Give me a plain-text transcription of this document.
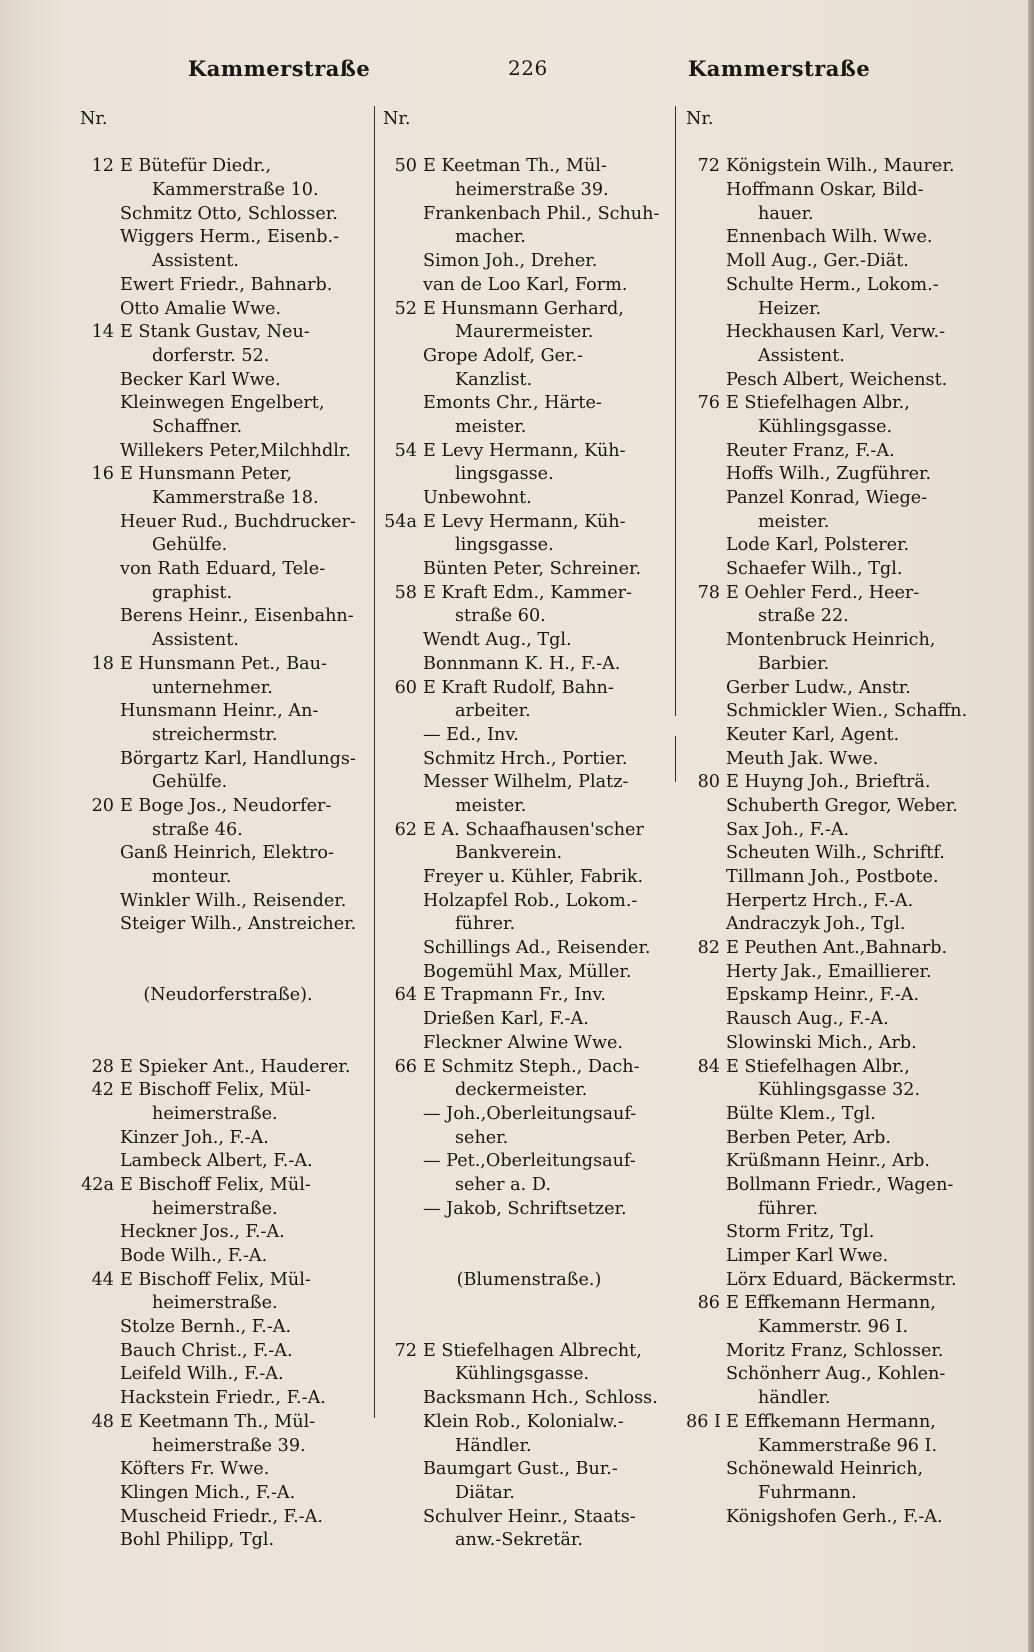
Kammerstraße	226	Kammerstraße
Nr.
12 E Bütefür Diedr.,
Kammerstraße 10.
Schmitz Otto, Schlosser.
Wiggers Herm., Eisenb.-
Assistent.
Ewert Friedr., Bahnarb.
Otto Amalie Wwe.
14 E Stank Gustav, Neu-
dorferstr. 52.
Becker Karl Wwe.
Kleinwegen Engelbert,
Schaffner.
Willekers Peter,Milchhdlr.
16 E Hunsmann Peter,
Kammerstraße 18.
Heuer Rud., Buchdrucker-
Gehülfe.
von Rath Eduard, Tele-
graphist.
Berens Heinr., Eisenbahn-
Assistent.
18 E Hunsmann Pet., Bau-
unternehmer.
Hunsmann Heinr., An-
streichermstr.
Börgartz Karl, Handlungs-
Gehülfe.
20 E Boge Jos., Neudorfer-
straße 46.
Ganß Heinrich, Elektro-
monteur.
Winkler Wilh., Reisender.
Steiger Wilh., Anstreicher.
(Neudorferstraße).
28 E Spieker Ant., Hauderer.
42 E Bischoff Felix, Mül-
heimerstraße.
Kinzer Joh., F.-A.
Lambeck Albert, F.-A.
42a E Bischoff Felix, Mül-
heimerstraße.
Heckner Jos., F.-A.
Bode Wilh., F.-A.
44 E Bischoff Felix, Mül-
heimerstraße.
Stolze Bernh., F.-A.
Bauch Christ., F.-A.
Leifeld Wilh., F.-A.
Hackstein Friedr., F.-A.
48 E Keetmann Th., Mül-
heimerstraße 39.
Köfters Fr. Wwe.
Klingen Mich., F.-A.
Muscheid Friedr., F.-A.
Bohl Philipp, Tgl.
Nr.
50 E Keetman Th., Mül-
heimerstraße 39.
Frankenbach Phil., Schuh-
macher.
Simon Joh., Dreher.
van de Loo Karl, Form.
52 E Hunsmann Gerhard,
Maurermeister.
Grope Adolf, Ger.-
Kanzlist.
Emonts Chr., Härte-
meister.
54 E Levy Hermann, Küh-
lingsgasse.
Unbewohnt.
54a E Levy Hermann, Küh-
lingsgasse.
Bünten Peter, Schreiner.
58 E Kraft Edm., Kammer-
straße 60.
Wendt Aug., Tgl.
Bonnmann K. H., F.-A.
60 E Kraft Rudolf, Bahn-
arbeiter.
— Ed., Inv.
Schmitz Hrch., Portier.
Messer Wilhelm, Platz-
meister.
62 E A. Schaafhausen'scher
Bankverein.
Freyer u. Kühler, Fabrik.
Holzapfel Rob., Lokom.-
führer.
Schillings Ad., Reisender.
Bogemühl Max, Müller.
64 E Trapmann Fr., Inv.
Drießen Karl, F.-A.
Fleckner Alwine Wwe.
66 E Schmitz Steph., Dach-
deckermeister.
— Joh.,Oberleitungsauf-
seher.
— Pet.,Oberleitungsauf-
seher a. D.
— Jakob, Schriftsetzer.
(Blumenstraße.)
72 E Stiefelhagen Albrecht,
Kühlingsgasse.
Backsmann Hch., Schloss.
Klein Rob., Kolonialw.-
Händler.
Baumgart Gust., Bur.-
Diätar.
Schulver Heinr., Staats-
anw.-Sekretär.
Nr.
72 Königstein Wilh., Maurer.
Hoffmann Oskar, Bild-
hauer.
Ennenbach Wilh. Wwe.
Moll Aug., Ger.-Diät.
Schulte Herm., Lokom.-
Heizer.
Heckhausen Karl, Verw.-
Assistent.
Pesch Albert, Weichenst.
76 E Stiefelhagen Albr.,
Kühlingsgasse.
Reuter Franz, F.-A.
Hoffs Wilh., Zugführer.
Panzel Konrad, Wiege-
meister.
Lode Karl, Polsterer.
Schaefer Wilh., Tgl.
78 E Oehler Ferd., Heer-
straße 22.
Montenbruck Heinrich,
Barbier.
Gerber Ludw., Anstr.
Schmickler Wien., Schaffn.
Keuter Karl, Agent.
Meuth Jak. Wwe.
80 E Huyng Joh., Briefträ.
Schuberth Gregor, Weber.
Sax Joh., F.-A.
Scheuten Wilh., Schriftf.
Tillmann Joh., Postbote.
Herpertz Hrch., F.-A.
Andraczyk Joh., Tgl.
82 E Peuthen Ant.,Bahnarb.
Herty Jak., Emaillierer.
Epskamp Heinr., F.-A.
Rausch Aug., F.-A.
Slowinski Mich., Arb.
84 E Stiefelhagen Albr.,
Kühlingsgasse 32.
Bülte Klem., Tgl.
Berben Peter, Arb.
Krüßmann Heinr., Arb.
Bollmann Friedr., Wagen-
führer.
Storm Fritz, Tgl.
Limper Karl Wwe.
Lörx Eduard, Bäckermstr.
86 E Effkemann Hermann,
Kammerstr. 96 I.
Moritz Franz, Schlosser.
Schönherr Aug., Kohlen-
händler.
86 I E Effkemann Hermann,
Kammerstraße 96 I.
Schönewald Heinrich,
Fuhrmann.
Königshofen Gerh., F.-A.
